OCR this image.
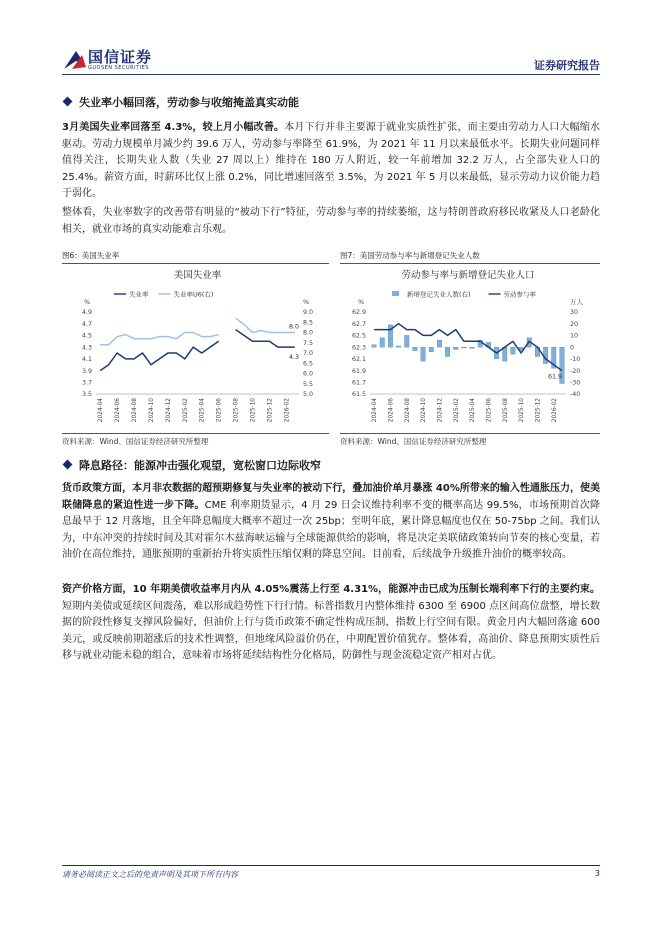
国信证券
GUOSEN SECURITIES	证券研究报告
失业率小幅回落，劳动参与收缩掩盖真实动能
3月美国失业率回落至 4.3%，较上月小幅改善。本月下行并非主要源于就业实质性扩张，而主要由劳动力人口大幅缩水驱动。劳动力规模单月减少约 39.6 万人，劳动参与率降至 61.9%，为 2021 年 11 月以来最低水平。长期失业问题同样值得关注，长期失业人数（失业 27 周以上）维持在 180 万人附近，较一年前增加 32.2 万人，占全部失业人口的 25.4%。薪资方面，时薪环比仅上涨 0.2%，同比增速回落至 3.5%，为 2021 年 5 月以来最低，显示劳动力议价能力趋于弱化。
整体看，失业率数字的改善带有明显的“被动下行”特征，劳动参与率的持续萎缩，这与特朗普政府移民收紧及人口老龄化相关，就业市场的真实动能难言乐观。
图6：美国失业率
美国失业率
%	%
失业率	失业率U6(右)
3.5
3.7
3.9
4.1
4.3
4.5
4.7
4.9
5.0
5.5
6.0
6.5
7.0
7.5
8.0
8.5
9.0
2024-04 2024-06 2024-08 2024-10 2024-12 2025-02 2025-04 2025-06 2025-08 2025-10 2025-12 2026-02
8.0
4.3
资料来源：Wind、国信证券经济研究所整理
图7：美国劳动参与率与新增登记失业人数
劳动参与率与新增登记失业人口
%	万人
新增登记失业人数(右)	劳动参与率
61.5
61.7
61.9
62.1
62.3
62.5
62.7
62.9
-40
-30
-20
-10
0
10
20
30
2024-04 2024-06 2024-08 2024-10 2024-12 2025-02 2025-04 2025-06 2025-08 2025-10 2025-12 2026-02
61.9
资料来源：Wind、国信证券经济研究所整理
降息路径：能源冲击强化观望，宽松窗口边际收窄
货币政策方面，本月非农数据的超预期修复与失业率的被动下行，叠加油价单月暴涨 40%所带来的输入性通胀压力，使美联储降息的紧迫性进一步下降。CME 利率期货显示，4 月 29 日会议维持利率不变的概率高达 99.5%，市场预期首次降息最早于 12 月落地，且全年降息幅度大概率不超过一次 25bp；至明年底，累计降息幅度也仅在 50-75bp 之间。我们认为，中东冲突的持续时间及其对霍尔木兹海峡运输与全球能源供给的影响，将是决定美联储政策转向节奏的核心变量，若油价在高位维持，通胀预期的重新抬升将实质性压缩仅剩的降息空间。目前看，后续战争升级推升油价的概率较高。
资产价格方面，10 年期美债收益率月内从 4.05%震荡上行至 4.31%，能源冲击已成为压制长端利率下行的主要约束。短期内美债或延续区间震荡，难以形成趋势性下行行情。标普指数月内整体维持 6300 至 6900 点区间高位盘整，增长数据的阶段性修复支撑风险偏好，但油价上行与货币政策不确定性构成压制，指数上行空间有限。黄金月内大幅回落逾 600 美元，或反映前期超涨后的技术性调整，但地缘风险溢价仍在，中期配置价值犹存。整体看，高油价、降息预期实质性后移与就业动能未稳的组合，意味着市场将延续结构性分化格局，防御性与现金流稳定资产相对占优。
请务必阅读正文之后的免责声明及其项下所有内容	3
